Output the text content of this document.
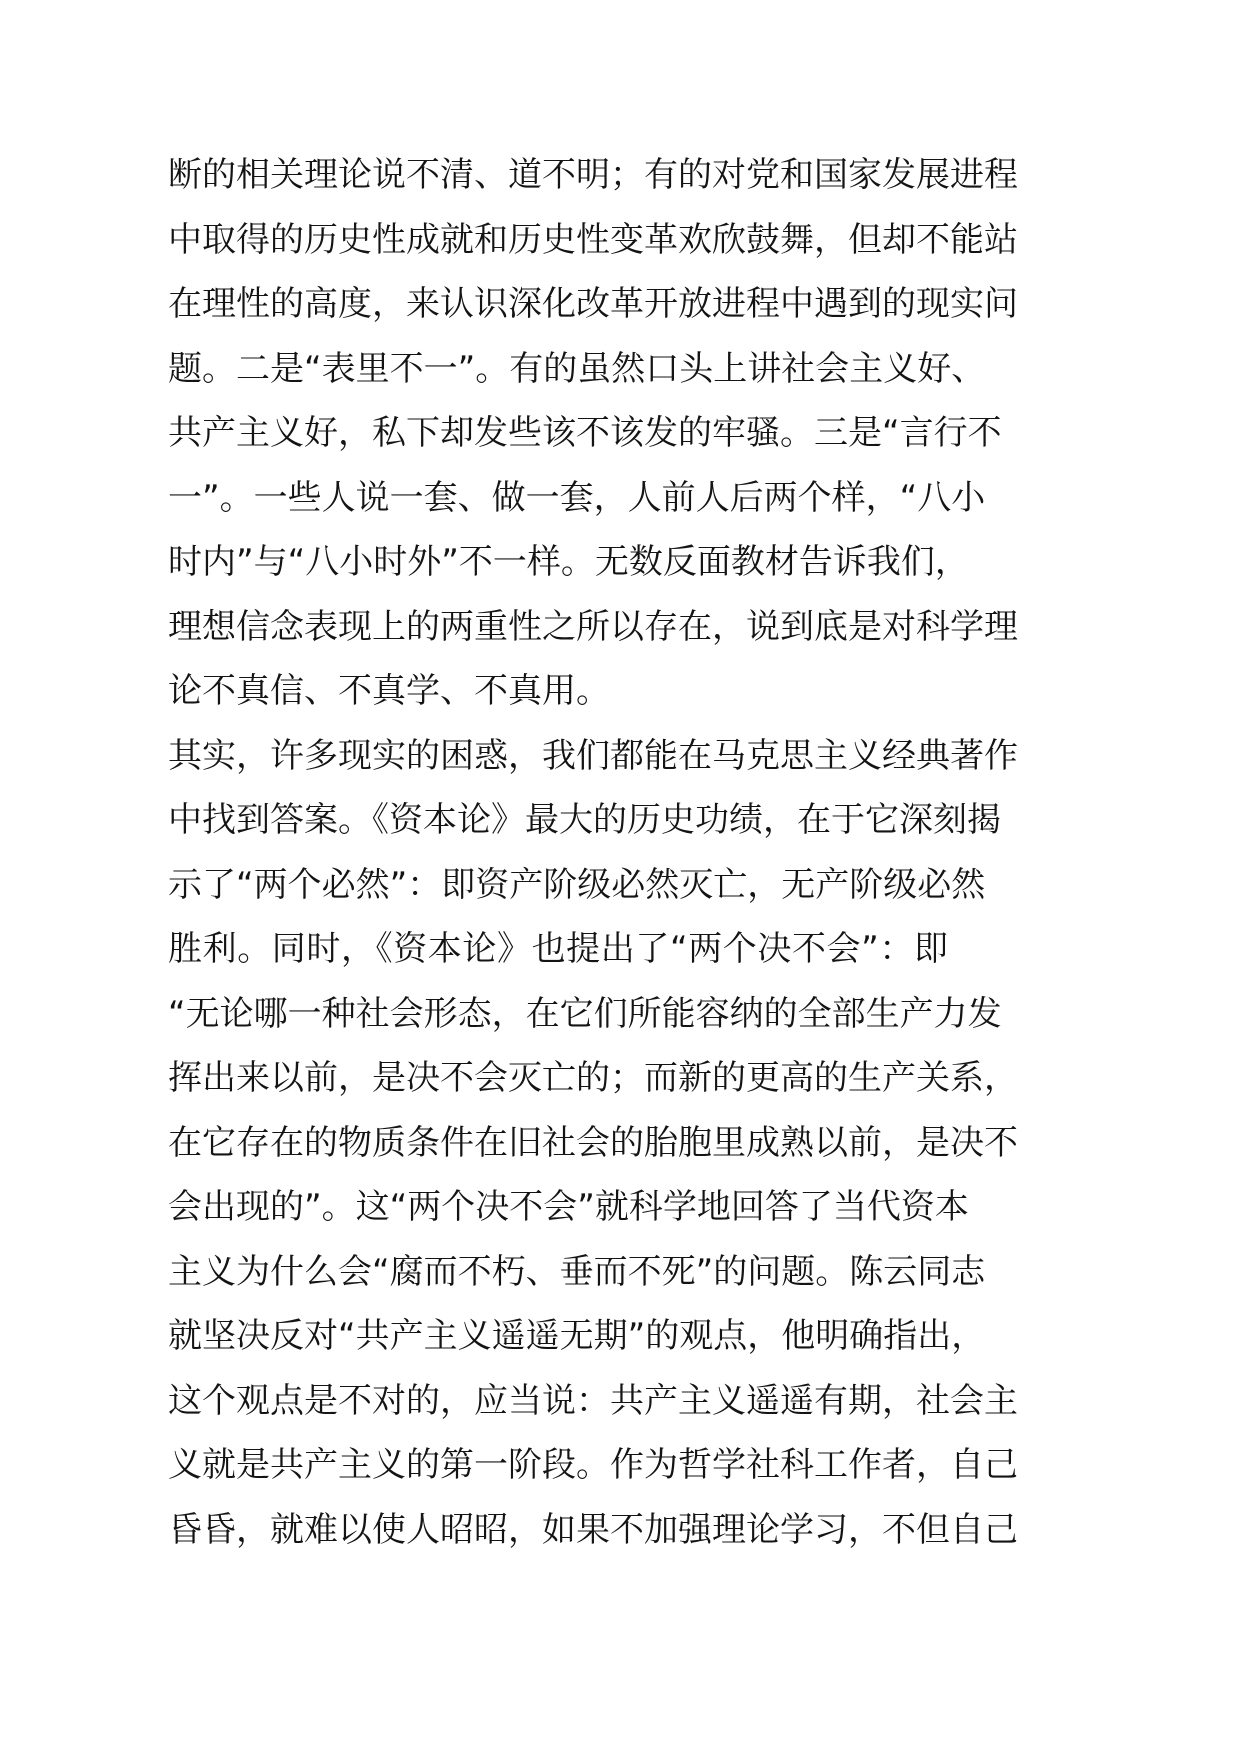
断的相关理论说不清、道不明；有的对党和国家发展进程
中取得的历史性成就和历史性变革欢欣鼓舞，但却不能站
在理性的高度，来认识深化改革开放进程中遇到的现实问
题。二是“表里不一”。有的虽然口头上讲社会主义好、
共产主义好，私下却发些该不该发的牢骚。三是“言行不
一”。一些人说一套、做一套，人前人后两个样，“八小
时内”与“八小时外”不一样。无数反面教材告诉我们，
理想信念表现上的两重性之所以存在，说到底是对科学理
论不真信、不真学、不真用。
其实，许多现实的困惑，我们都能在马克思主义经典著作
中找到答案。《资本论》最大的历史功绩，在于它深刻揭
示了“两个必然”：即资产阶级必然灭亡，无产阶级必然
胜利。同时，《资本论》也提出了“两个决不会”：即
“无论哪一种社会形态，在它们所能容纳的全部生产力发
挥出来以前，是决不会灭亡的；而新的更高的生产关系，
在它存在的物质条件在旧社会的胎胞里成熟以前，是决不
会出现的”。这“两个决不会”就科学地回答了当代资本
主义为什么会“腐而不朽、垂而不死”的问题。陈云同志
就坚决反对“共产主义遥遥无期”的观点，他明确指出，
这个观点是不对的，应当说：共产主义遥遥有期，社会主
义就是共产主义的第一阶段。作为哲学社科工作者，自己
昏昏，就难以使人昭昭，如果不加强理论学习，不但自己
